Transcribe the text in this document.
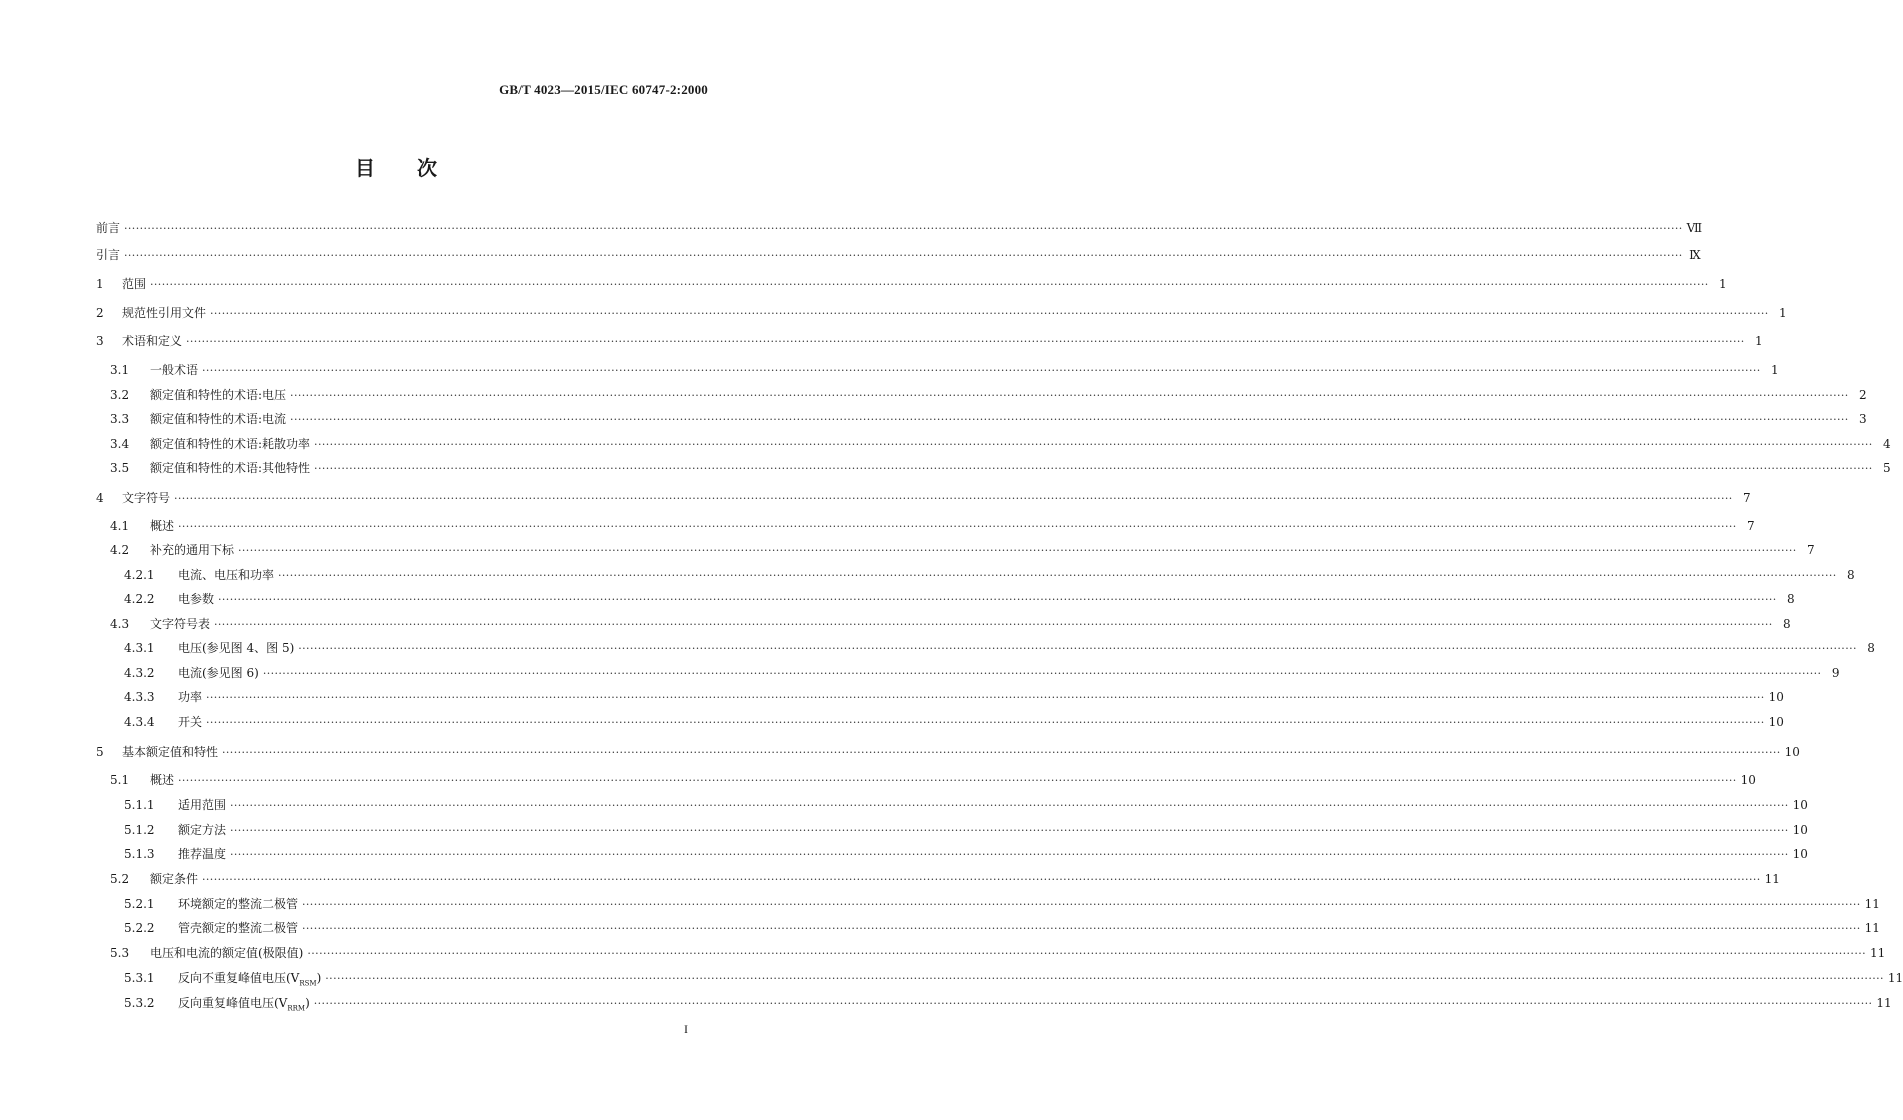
GB/T 4023—2015/IEC 60747-2:2000
目 次
前言 ················································································································································································································································································································································································································ Ⅶ
引言 ················································································································································································································································································································································································································ Ⅸ
1	范围 ················································································································································································································································································································································································································ 1
2	规范性引用文件 ················································································································································································································································································································································································································ 1
3	术语和定义 ················································································································································································································································································································································································································ 1
3.1	一般术语 ················································································································································································································································································································································································································ 1
3.2	额定值和特性的术语:电压 ················································································································································································································································································································································································································ 2
3.3	额定值和特性的术语:电流 ················································································································································································································································································································································································································ 3
3.4	额定值和特性的术语:耗散功率 ················································································································································································································································································································································································································ 4
3.5	额定值和特性的术语:其他特性 ················································································································································································································································································································································································································ 5
4	文字符号 ················································································································································································································································································································································································································ 7
4.1	概述 ················································································································································································································································································································································································································ 7
4.2	补充的通用下标 ················································································································································································································································································································································································································ 7
4.2.1	电流、电压和功率 ················································································································································································································································································································································································································ 8
4.2.2	电参数 ················································································································································································································································································································································································································ 8
4.3	文字符号表 ················································································································································································································································································································································································································ 8
4.3.1	电压(参见图 4、图 5) ················································································································································································································································································································································································································ 8
4.3.2	电流(参见图 6) ················································································································································································································································································································································································································ 9
4.3.3	功率 ················································································································································································································································································································································································································ 10
4.3.4	开关 ················································································································································································································································································································································································································ 10
5	基本额定值和特性 ················································································································································································································································································································································································································ 10
5.1	概述 ················································································································································································································································································································································································································ 10
5.1.1	适用范围 ················································································································································································································································································································································································································ 10
5.1.2	额定方法 ················································································································································································································································································································································································································ 10
5.1.3	推荐温度 ················································································································································································································································································································································································································ 10
5.2	额定条件 ················································································································································································································································································································································································································ 11
5.2.1	环境额定的整流二极管 ················································································································································································································································································································································································································ 11
5.2.2	管壳额定的整流二极管 ················································································································································································································································································································································································································ 11
5.3	电压和电流的额定值(极限值) ················································································································································································································································································································································································································ 11
5.3.1	反向不重复峰值电压$(V_{RSM})$ ················································································································································································································································································································································································································ 11
5.3.2	反向重复峰值电压$(V_{RRM})$ ················································································································································································································································································································································································································ 11
I
